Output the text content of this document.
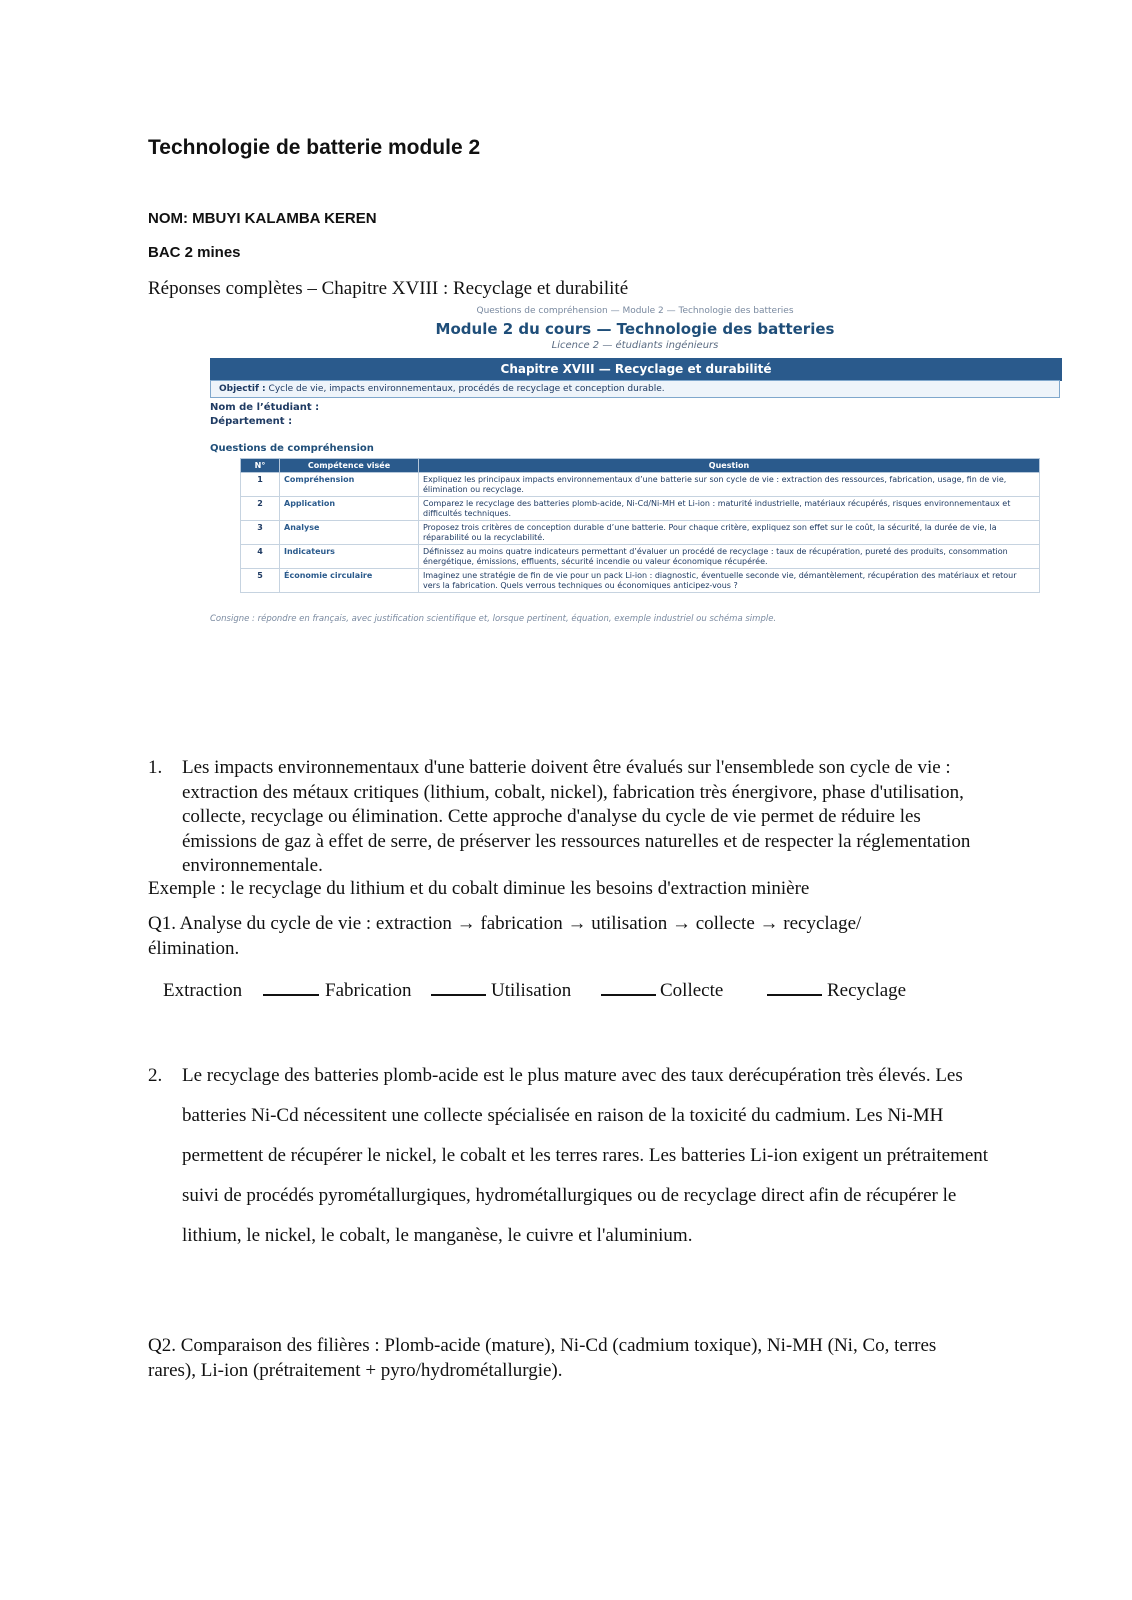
Technologie de batterie module 2
NOM: MBUYI KALAMBA KEREN
BAC 2 mines
Réponses complètes – Chapitre XVIII : Recyclage et durabilité
Questions de compréhension — Module 2 — Technologie des batteries
Module 2 du cours — Technologie des batteries
Licence 2 — étudiants ingénieurs
Chapitre XVIII — Recyclage et durabilité
Objectif : Cycle de vie, impacts environnementaux, procédés de recyclage et conception durable.
Nom de l’étudiant :
Département :
Questions de compréhension
N°	Compétence visée	Question
1	Compréhension	Expliquez les principaux impacts environnementaux d’une batterie sur son cycle de vie : extraction des ressources, fabrication, usage, fin de vie, élimination ou recyclage.
2	Application	Comparez le recyclage des batteries plomb-acide, Ni-Cd/Ni-MH et Li-ion : maturité industrielle, matériaux récupérés, risques environnementaux et difficultés techniques.
3	Analyse	Proposez trois critères de conception durable d’une batterie. Pour chaque critère, expliquez son effet sur le coût, la sécurité, la durée de vie, la réparabilité ou la recyclabilité.
4	Indicateurs	Définissez au moins quatre indicateurs permettant d’évaluer un procédé de recyclage : taux de récupération, pureté des produits, consommation énergétique, émissions, effluents, sécurité incendie ou valeur économique récupérée.
5	Économie circulaire	Imaginez une stratégie de fin de vie pour un pack Li-ion : diagnostic, éventuelle seconde vie, démantèlement, récupération des matériaux et retour vers la fabrication. Quels verrous techniques ou économiques anticipez-vous ?
Consigne : répondre en français, avec justification scientifique et, lorsque pertinent, équation, exemple industriel ou schéma simple.
1.	Les impacts environnementaux d'une batterie doivent être évalués sur l'ensemblede son cycle de vie : extraction des métaux critiques (lithium, cobalt, nickel), fabrication très énergivore, phase d'utilisation, collecte, recyclage ou élimination. Cette approche d'analyse du cycle de vie permet de réduire les émissions de gaz à effet de serre, de préserver les ressources naturelles et de respecter la réglementation environnementale.
Exemple : le recyclage du lithium et du cobalt diminue les besoins d'extraction minière
Q1. Analyse du cycle de vie : extraction → fabrication → utilisation → collecte → recyclage/élimination.
Extraction	Fabrication	Utilisation	Collecte	Recyclage
2.	Le recyclage des batteries plomb-acide est le plus mature avec des taux derécupération très élevés. Les batteries Ni-Cd nécessitent une collecte spécialisée en raison de la toxicité du cadmium. Les Ni-MH permettent de récupérer le nickel, le cobalt et les terres rares. Les batteries Li-ion exigent un prétraitement suivi de procédés pyrométallurgiques, hydrométallurgiques ou de recyclage direct afin de récupérer le lithium, le nickel, le cobalt, le manganèse, le cuivre et l'aluminium.
Q2. Comparaison des filières : Plomb-acide (mature), Ni-Cd (cadmium toxique), Ni-MH (Ni, Co, terres rares), Li-ion (prétraitement + pyro/hydrométallurgie).
